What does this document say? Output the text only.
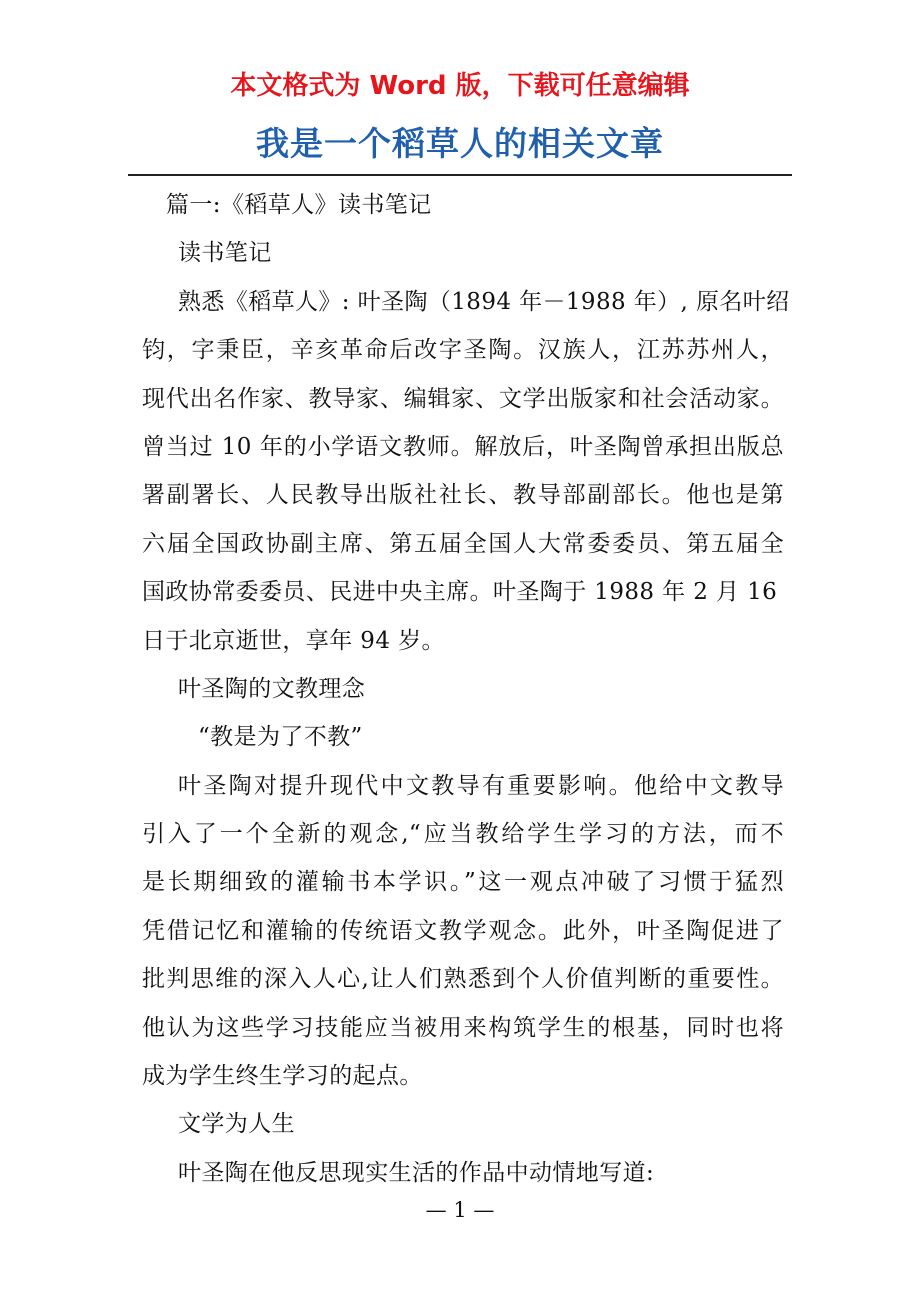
本文格式为 Word 版，下载可任意编辑
我是一个稻草人的相关文章
篇一:《稻草人》读书笔记
读书笔记
熟悉《稻草人》: 叶圣陶（1894 年－1988 年）, 原名叶绍
钧，字秉臣，辛亥革命后改字圣陶。汉族人，江苏苏州人，
现代出名作家、教导家、编辑家、文学出版家和社会活动家。
曾当过 10 年的小学语文教师。解放后，叶圣陶曾承担出版总
署副署长、人民教导出版社社长、教导部副部长。他也是第
六届全国政协副主席、第五届全国人大常委委员、第五届全
国政协常委委员、民进中央主席。叶圣陶于 1988 年 2 月 16
日于北京逝世，享年 94 岁。
叶圣陶的文教理念
“教是为了不教”
叶圣陶对提升现代中文教导有重要影响。他给中文教导
引入了一个全新的观念,“应当教给学生学习的方法，而不
是长期细致的灌输书本学识。”这一观点冲破了习惯于猛烈
凭借记忆和灌输的传统语文教学观念。此外，叶圣陶促进了
批判思维的深入人心,让人们熟悉到个人价值判断的重要性。
他认为这些学习技能应当被用来构筑学生的根基，同时也将
成为学生终生学习的起点。
文学为人生
叶圣陶在他反思现实生活的作品中动情地写道:
— 1 —
